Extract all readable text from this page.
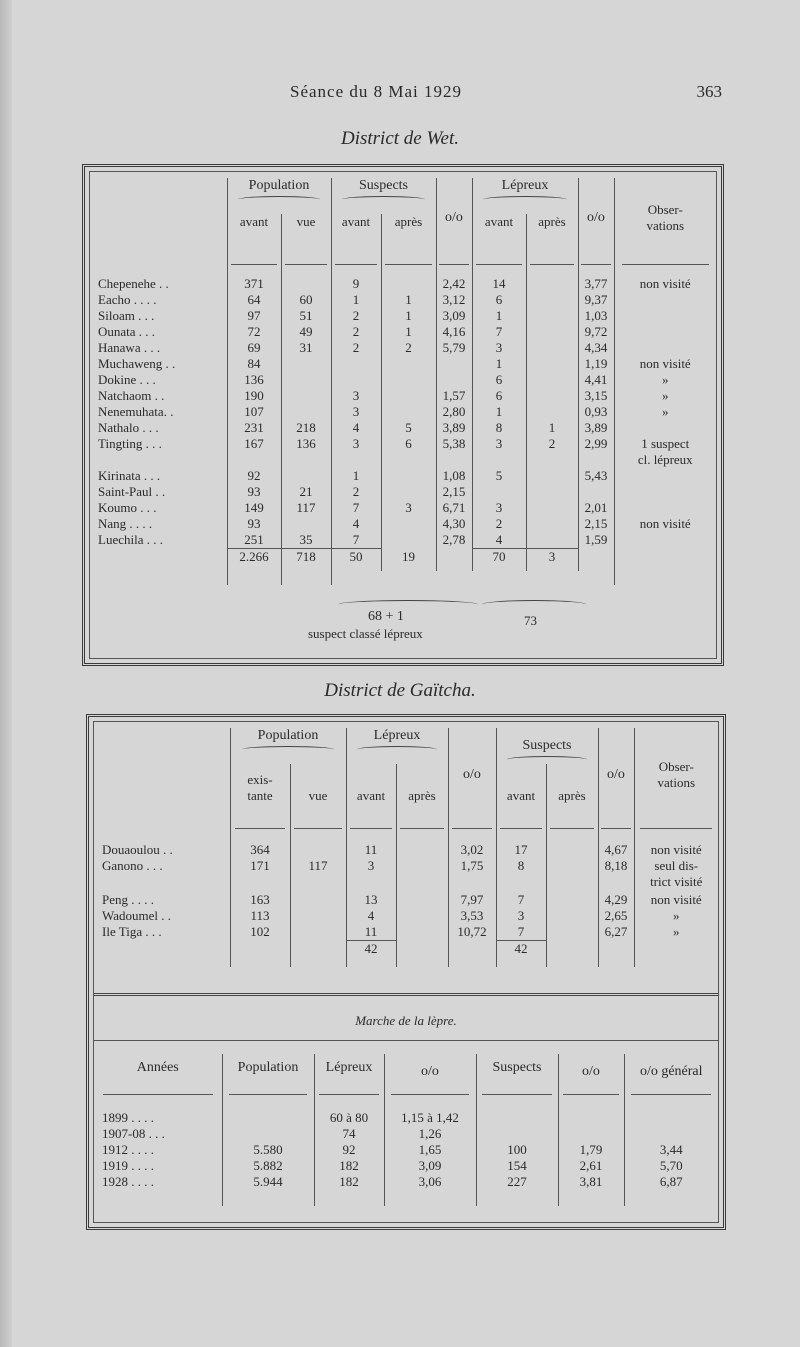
Séance du 8 Mai 1929	363
District de Wet.
	Population		Suspects		o/o	Lépreux		o/o	Obser-
vations
	avant	vue	avant	après		avant	après		

Chepenehe . .	371		9		2,42	14		3,77	non visité
Eacho . . . .	64	60	1	1	3,12	6		9,37	
Siloam . . .	97	51	2	1	3,09	1		1,03	
Ounata . . .	72	49	2	1	4,16	7		9,72	
Hanawa . . .	69	31	2	2	5,79	3		4,34	
Muchaweng . .	84					1		1,19	non visité
Dokine . . .	136					6		4,41	»
Natchaom . .	190		3		1,57	6		3,15	»
Nenemuhata. .	107		3		2,80	1		0,93	»
Nathalo . . .	231	218	4	5	3,89	8	1	3,89	
Tingting . . .	167	136	3	6	5,38	3	2	2,99	1 suspect
cl. lépreux
Kirinata . . .	92		1		1,08	5		5,43	
Saint-Paul . .	93	21	2		2,15				
Koumo . . .	149	117	7	3	6,71	3		2,01	
Nang . . . .	93		4		4,30	2		2,15	non visité
Luechila . . .	251	35	7		2,78	4		1,59	
	2.266	718	50	19		70	3		

68 + 1	73
suspect classé lépreux
District de Gaïtcha.
	Population		Lépreux		o/o	Suspects		o/o	Obser-
vations
	exis-
tante	vue	avant	après		avant	après		

Douaoulou . .	364		11		3,02	17		4,67	non visité
Ganono . . .	171	117	3		1,75	8		8,18	seul dis-
trict visité
Peng . . . .	163		13		7,97	7		4,29	non visité
Wadoumel . .	113		4		3,53	3		2,65	»
Ile Tiga . . .	102		11		10,72	7		6,27	»
			42			42			
Marche de la lèpre.
Années	Population	Lépreux	o/o	Suspects	o/o	o/o général

1899 . . . .		60 à 80	1,15 à 1,42			
1907-08 . . .		74	1,26			
1912 . . . .	5.580	92	1,65	100	1,79	3,44
1919 . . . .	5.882	182	3,09	154	2,61	5,70
1928 . . . .	5.944	182	3,06	227	3,81	6,87
